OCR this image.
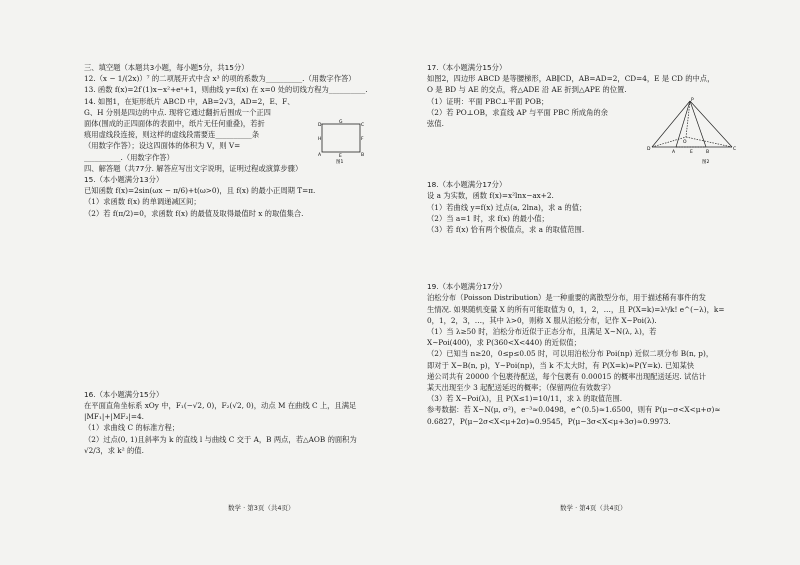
三、填空题（本题共3小题，每小题5分，共15分）
12.（x − 1/(2x)）⁷ 的二项展开式中含 x³ 的项的系数为__________.（用数字作答）
13. 函数 f(x)=2f′(1)x−x²+eˣ+1，则曲线 y=f(x) 在 x=0 处的切线方程为__________.
14. 如图1，在矩形纸片 ABCD 中，AB=2√3，AD=2，E、F、
G、H 分别是四边的中点. 现将它通过翻折后围成一个正四
面体(围成的正四面体的表面中，纸片无任何重叠)，若折
痕用虚线段连接，则这样的虚线段需要连__________条
（用数字作答）；设这四面体的体积为 V，则 V=
__________.（用数字作答）
四、解答题（共77分. 解答应写出文字说明，证明过程或演算步骤）
15.（本小题满分13分）
已知函数 f(x)=2sin(ωx − π/6)+t(ω>0)，且 f(x) 的最小正周期 T=π.
（1）求函数 f(x) 的单调递减区间；
（2）若 f(π/2)=0，求函数 f(x) 的最值及取得最值时 x 的取值集合.
16.（本小题满分15分）
在平面直角坐标系 xOy 中，F₁(−√2, 0)，F₂(√2, 0)，动点 M 在曲线 C 上，且满足
|MF₁|+|MF₂|=4.
（1）求曲线 C 的标准方程；
（2）过点(0, 1)且斜率为 k 的直线 l 与曲线 C 交于 A，B 两点，若△AOB 的面积为
√2/3，求 k² 的值.
D
G
C
H	F
A	E	B
图1
数学 · 第3页（共4页）
17.（本小题满分15分）
如图2，四边形 ABCD 是等腰梯形，AB∥CD，AB=AD=2，CD=4，E 是 CD 的中点，
O 是 BD 与 AE 的交点，将△ADE 沿 AE 折到△APE 的位置.
（1）证明：平面 PBC⊥平面 POB；
（2）若 PO⊥OB，求直线 AP 与平面 PBC 所成角的余
弦值.
18.（本小题满分17分）
设 a 为实数，函数 f(x)=x²lnx−ax+2.
（1）若曲线 y=f(x) 过点(a, 2lna)，求 a 的值；
（2）当 a=1 时，求 f(x) 的最小值；
（3）若 f(x) 恰有两个极值点，求 a 的取值范围.
19.（本小题满分17分）
泊松分布（Poisson Distribution）是一种重要的离散型分布，用于描述稀有事件的发
生情况. 如果随机变量 X 的所有可能取值为 0，1，2，…，且 P(X=k)=λᵏ/k! e^(−λ)，k=
0，1，2，3，…，其中 λ>0，则称 X 服从泊松分布，记作 X~Poi(λ).
（1）当 λ≥50 时，泊松分布近似于正态分布，且满足 X~N(λ, λ)，若
X~Poi(400)，求 P(360<X<440) 的近似值；
（2）已知当 n≥20，0≤p≤0.05 时，可以用泊松分布 Poi(np) 近似二项分布 B(n, p)，
即对于 X~B(n, p)，Y~Poi(np)，当 k 不太大时，有 P(X=k)≈P(Y=k). 已知某快
递公司共有 20000 个包裹待配送，每个包裹有 0.00015 的概率出现配送延迟. 试估计
某天出现至少 3 起配送延迟的概率；（保留两位有效数字）
（3）若 X~Poi(λ)，且 P(X≤1)=10/11，求 λ 的取值范围.
参考数据：若 X~N(μ, σ²)，e⁻³≈0.0498，e^(0.5)≈1.6500，则有 P(μ−σ<X<μ+σ)≈
0.6827，P(μ−2σ<X<μ+2σ)≈0.9545，P(μ−3σ<X<μ+3σ)≈0.9973.
P
C
D
A
O
E	B
图2
数学 · 第4页（共4页）
